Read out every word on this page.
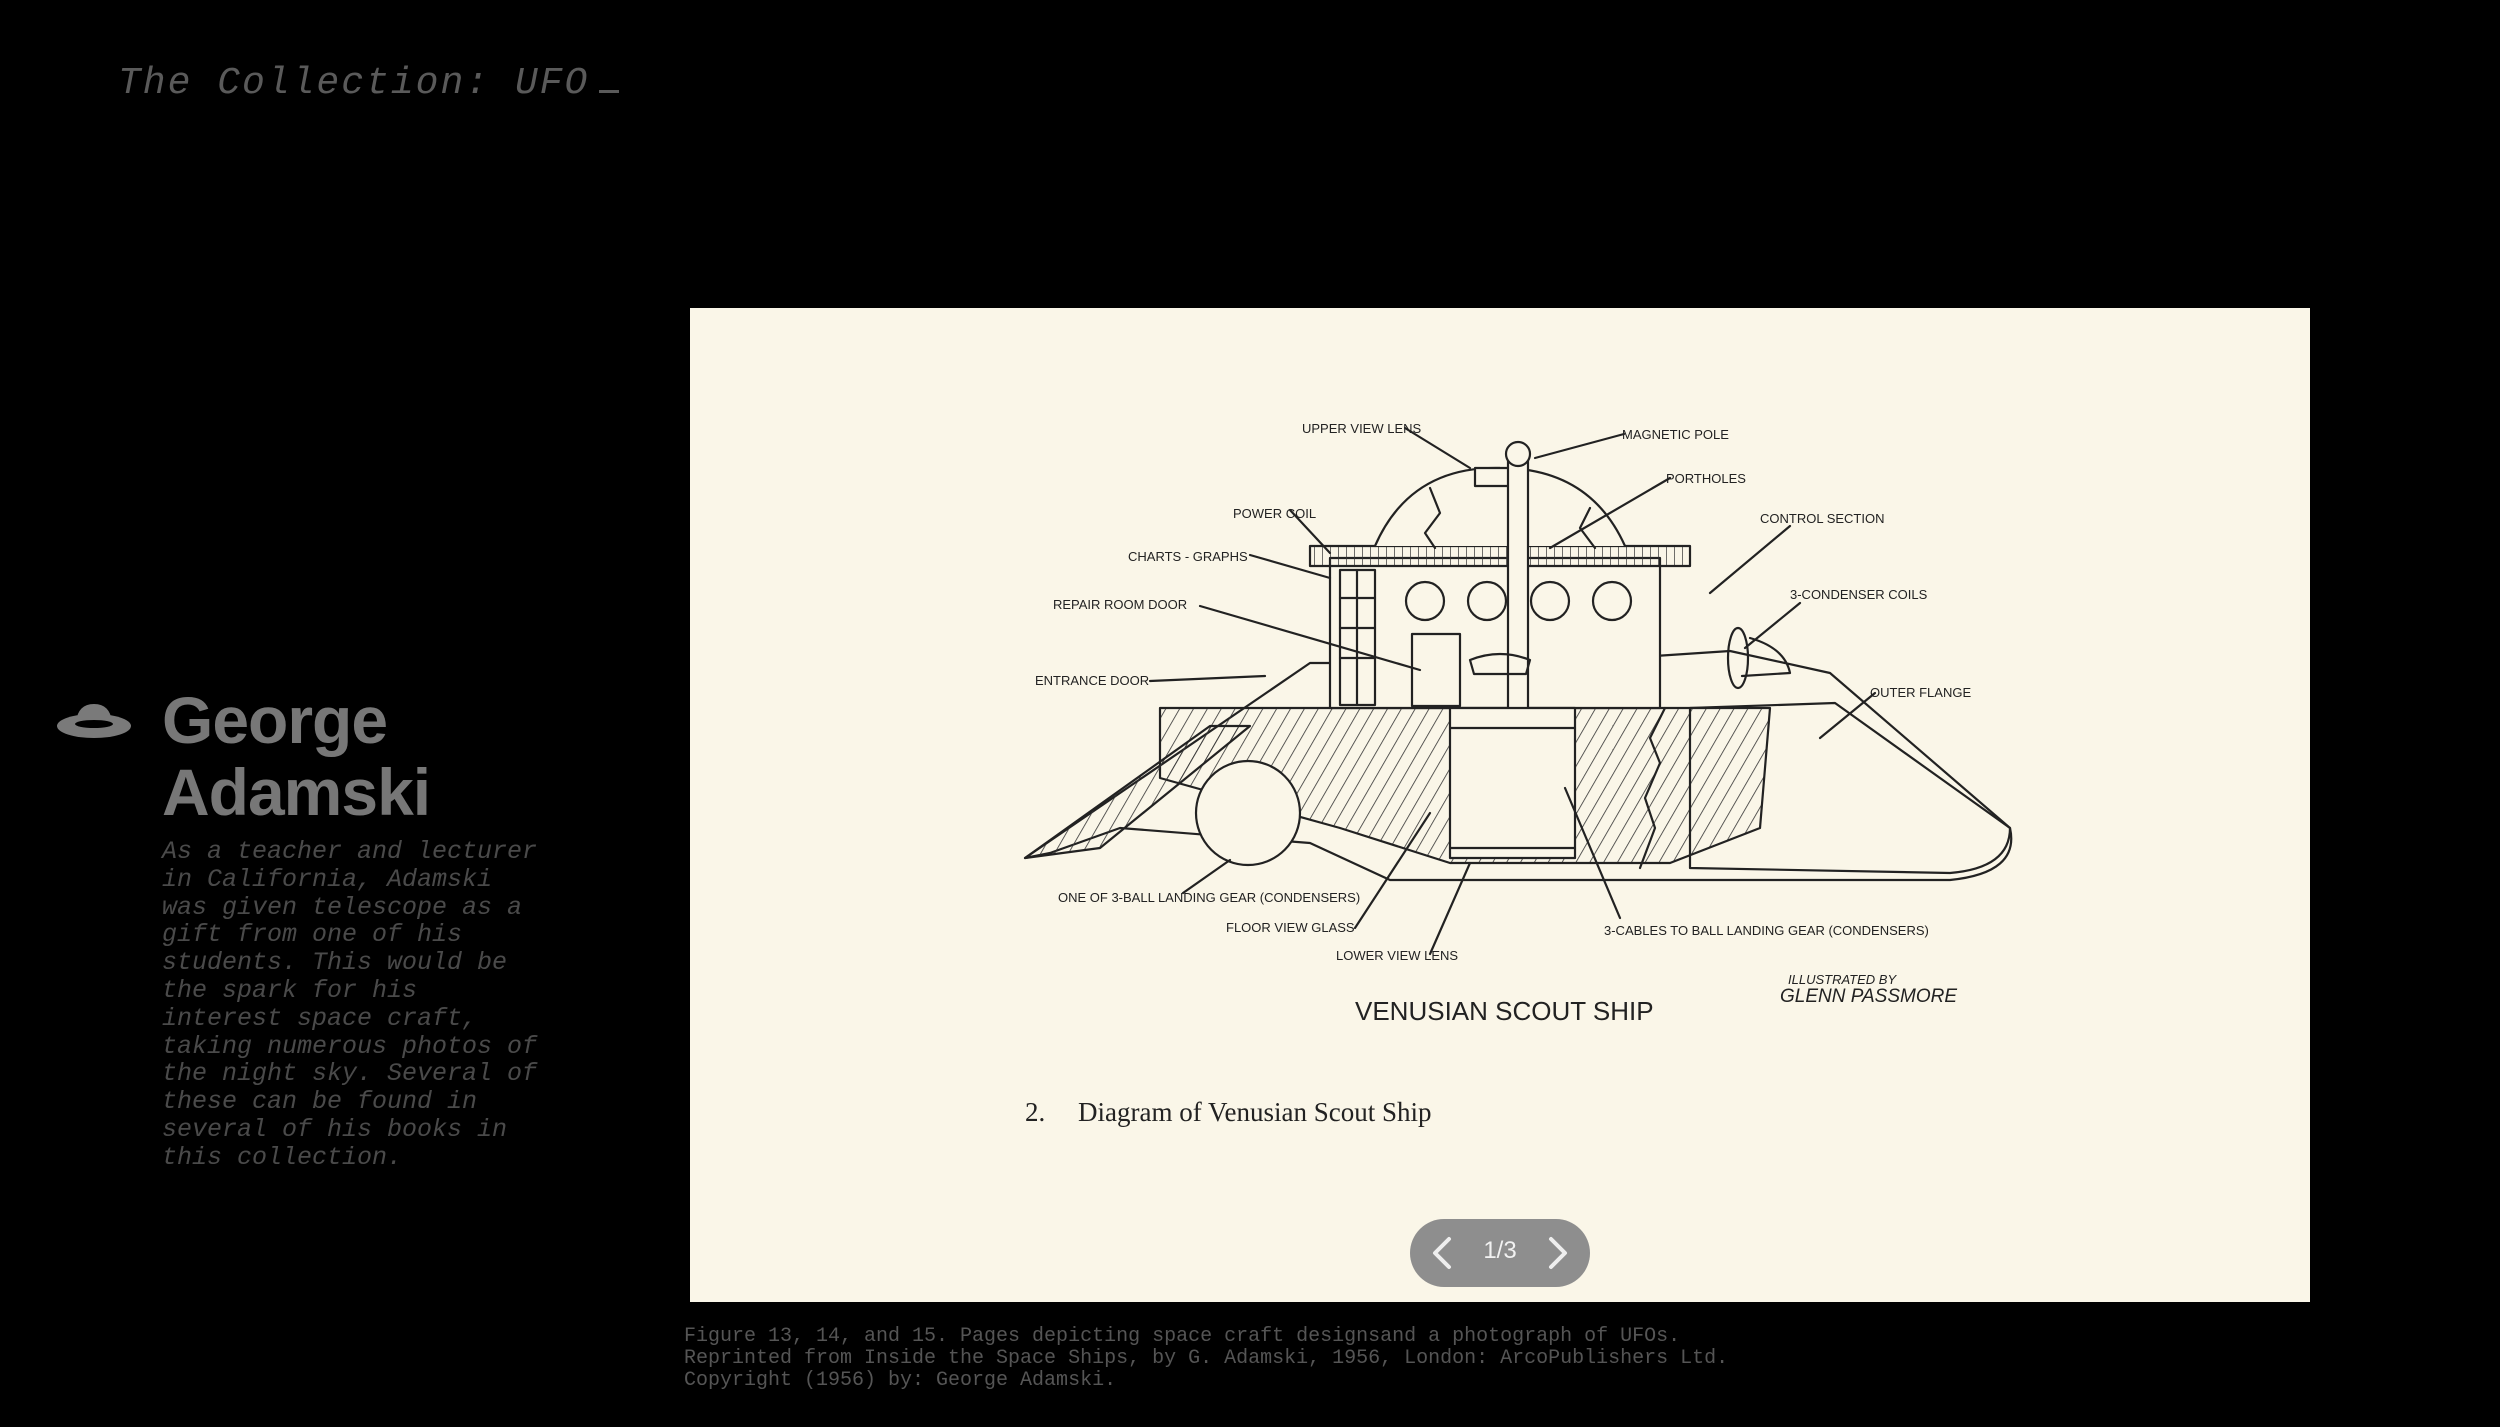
The Collection: UFO
George Adamski
As a teacher and lecturer in California, Adamski was given telescope as a gift from one of his students. This would be the spark for his interest space craft, taking numerous photos of the night sky. Several of these can be found in several of his books in this collection.
UPPER VIEW LENS	MAGNETIC POLE
PORTHOLES
POWER COIL	CONTROL SECTION
CHARTS - GRAPHS
3-CONDENSER COILS
REPAIR ROOM DOOR
OUTER FLANGE
ENTRANCE DOOR
ONE OF 3-BALL LANDING GEAR (CONDENSERS)
FLOOR VIEW GLASS	3-CABLES TO BALL LANDING GEAR (CONDENSERS)
LOWER VIEW LENS
ILLUSTRATED BY
GLENN PASSMORE
VENUSIAN SCOUT SHIP
2. Diagram of Venusian Scout Ship
1/3
Figure 13, 14, and 15. Pages depicting space craft designsand a photograph of UFOs.
Reprinted from Inside the Space Ships, by G. Adamski, 1956, London: ArcoPublishers Ltd.
Copyright (1956) by: George Adamski.
